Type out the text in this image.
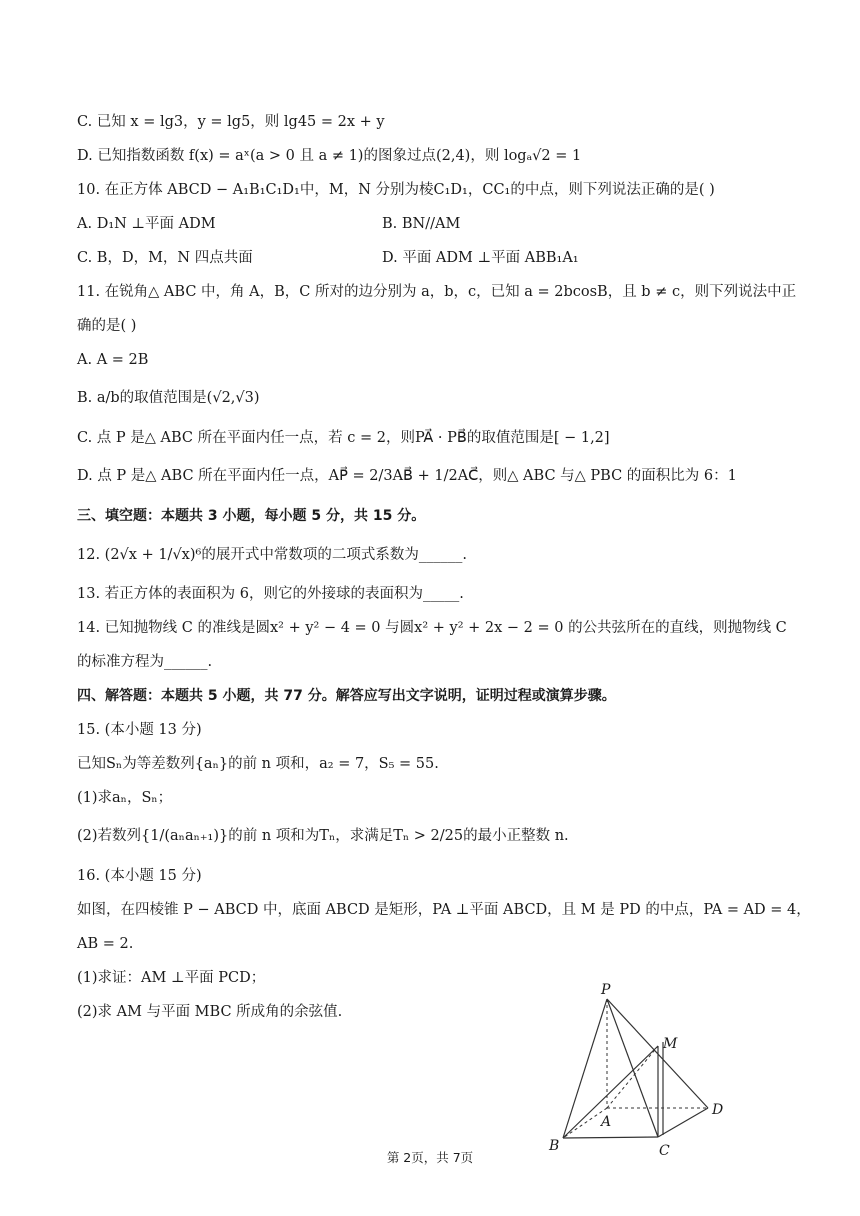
C. 已知 x = lg3，y = lg5，则 lg45 = 2x + y
D. 已知指数函数 f(x) = aˣ(a > 0 且 a ≠ 1)的图象过点(2,4)，则 logₐ√2 = 1
10. 在正方体 ABCD − A₁B₁C₁D₁中，M，N 分别为棱C₁D₁，CC₁的中点，则下列说法正确的是( )
A. D₁N ⊥平面 ADM	B. BN//AM
C. B，D，M，N 四点共面	D. 平面 ADM ⊥平面 ABB₁A₁
11. 在锐角△ ABC 中，角 A，B，C 所对的边分别为 a，b，c，已知 a = 2bcosB，且 b ≠ c，则下列说法中正
确的是( )
A. A = 2B
B. a/b的取值范围是(√2,√3)
C. 点 P 是△ ABC 所在平面内任一点，若 c = 2，则PA⃗ · PB⃗的取值范围是[ − 1,2]
D. 点 P 是△ ABC 所在平面内任一点，AP⃗ = 2/3AB⃗ + 1/2AC⃗，则△ ABC 与△ PBC 的面积比为 6：1
三、填空题：本题共 3 小题，每小题 5 分，共 15 分。
12. (2√x + 1/√x)⁶的展开式中常数项的二项式系数为______.
13. 若正方体的表面积为 6，则它的外接球的表面积为_____.
14. 已知抛物线 C 的准线是圆x² + y² − 4 = 0 与圆x² + y² + 2x − 2 = 0 的公共弦所在的直线，则抛物线 C
的标准方程为______.
四、解答题：本题共 5 小题，共 77 分。解答应写出文字说明，证明过程或演算步骤。
15. (本小题 13 分)
已知Sₙ为等差数列{aₙ}的前 n 项和，a₂ = 7，S₅ = 55.
(1)求aₙ，Sₙ；
(2)若数列{1/(aₙaₙ₊₁)}的前 n 项和为Tₙ，求满足Tₙ > 2/25的最小正整数 n.
16. (本小题 15 分)
如图，在四棱锥 P − ABCD 中，底面 ABCD 是矩形，PA ⊥平面 ABCD，且 M 是 PD 的中点，PA = AD = 4，
AB = 2.
(1)求证：AM ⊥平面 PCD；
(2)求 AM 与平面 MBC 所成角的余弦值.
P
M
D
A
B	C
第 2页，共 7页
